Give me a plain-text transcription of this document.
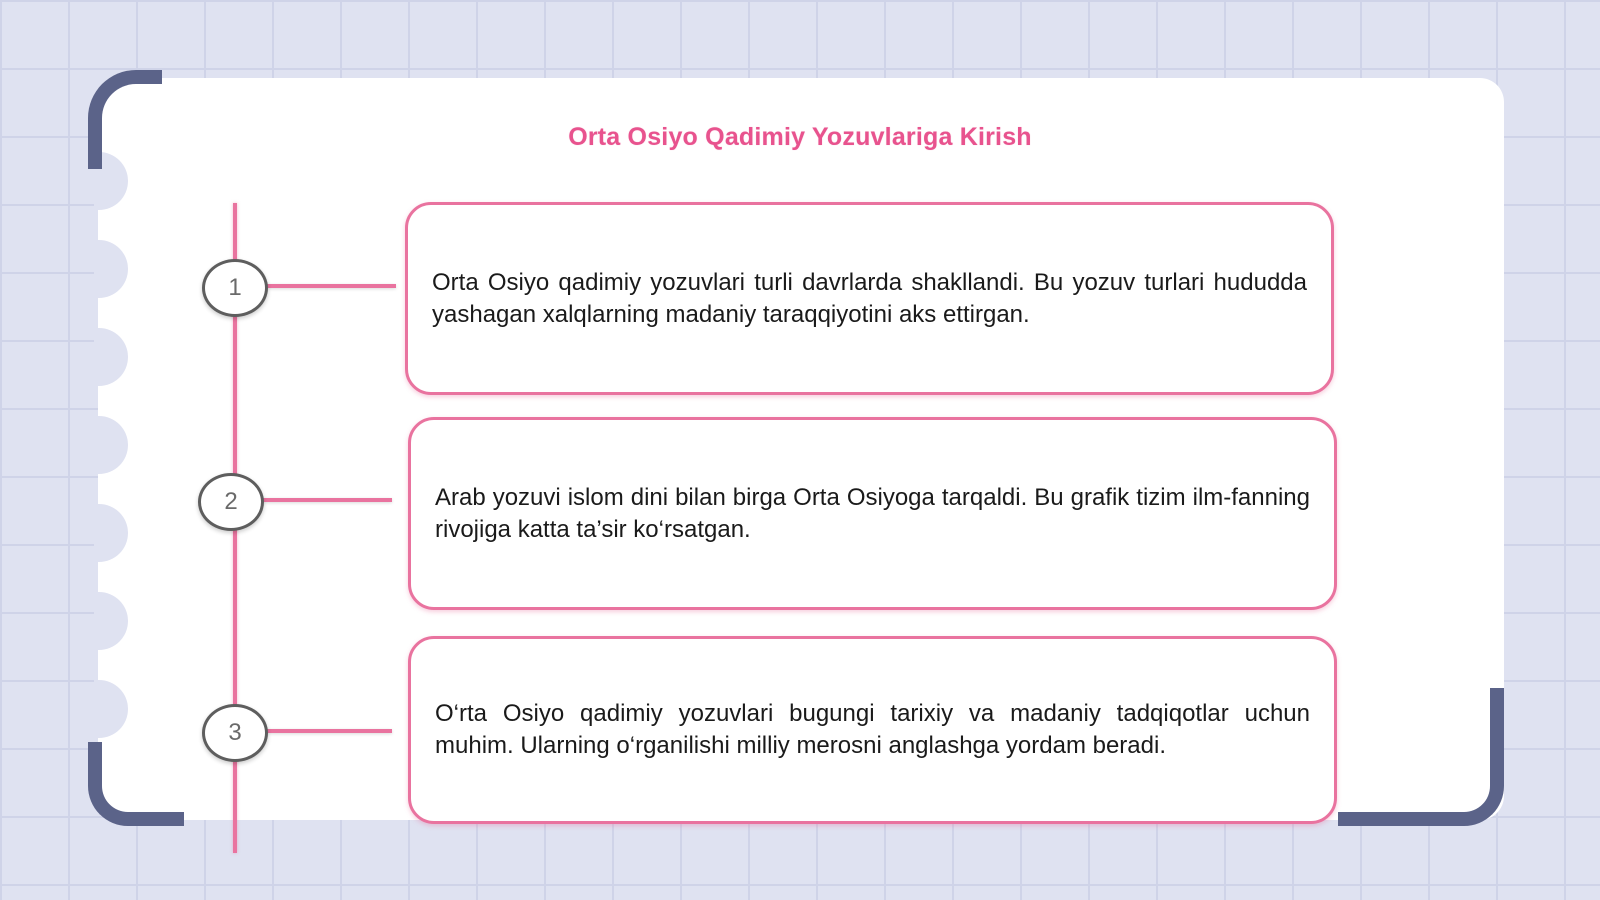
Orta Osiyo Qadimiy Yozuvlariga Kirish
1	Orta Osiyo qadimiy yozuvlari turli davrlarda shakllandi. Bu yozuv turlari hududda yashagan xalqlarning madaniy taraqqiyotini aks ettirgan.

2	Arab yozuvi islom dini bilan birga Orta Osiyoga tarqaldi. Bu grafik tizim ilm-fanning rivojiga katta ta’sir ko‘rsatgan.

3

O‘rta Osiyo qadimiy yozuvlari bugungi tarixiy va madaniy tadqiqotlar uchun muhim. Ularning o‘rganilishi milliy merosni anglashga yordam beradi.
